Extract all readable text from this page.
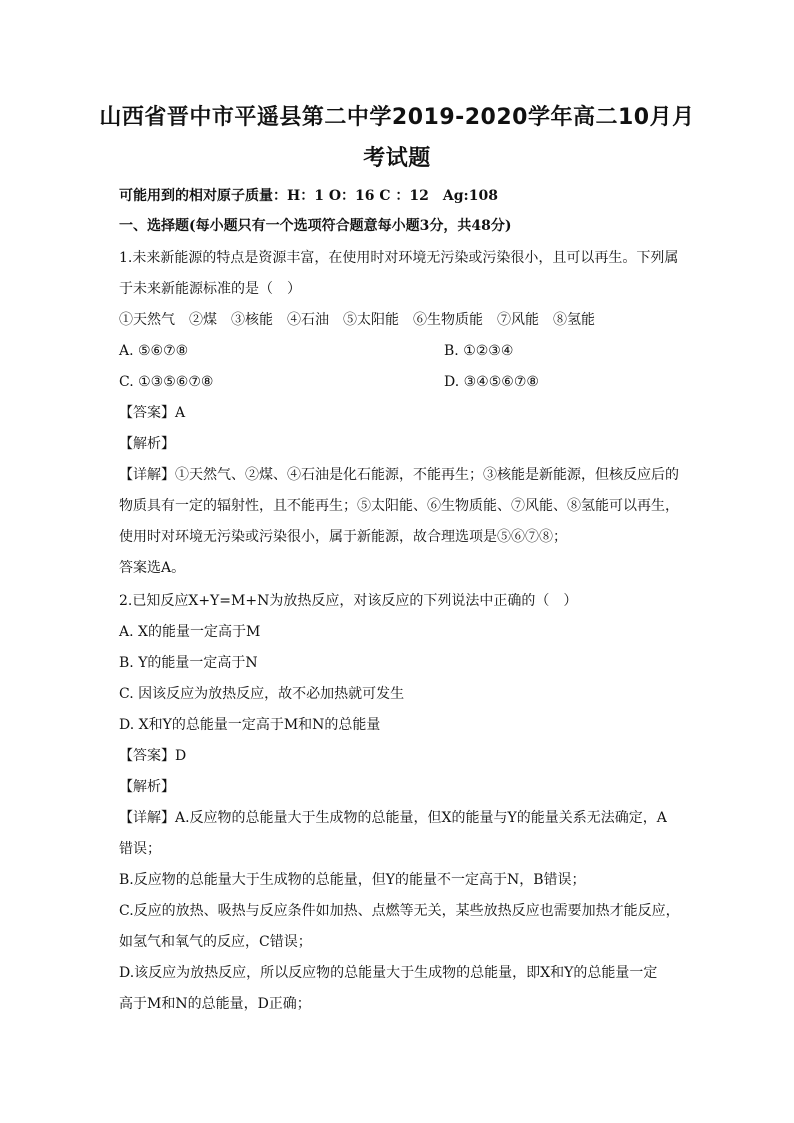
山西省晋中市平遥县第二中学2019-2020学年高二10月月
考试题
可能用到的相对原子质量：H：1 O：16 C ：12　Ag:108
一、选择题(每小题只有一个选项符合题意每小题3分，共48分)
1.未来新能源的特点是资源丰富，在使用时对环境无污染或污染很小，且可以再生。下列属
于未来新能源标准的是（　）
①天然气　②煤　③核能　④石油　⑤太阳能　⑥生物质能　⑦风能　⑧氢能
A. ⑤⑥⑦⑧	B. ①②③④
C. ①③⑤⑥⑦⑧	D. ③④⑤⑥⑦⑧
【答案】A
【解析】
【详解】①天然气、②煤、④石油是化石能源，不能再生；③核能是新能源，但核反应后的
物质具有一定的辐射性，且不能再生；⑤太阳能、⑥生物质能、⑦风能、⑧氢能可以再生，
使用时对环境无污染或污染很小，属于新能源，故合理选项是⑤⑥⑦⑧；
答案选A。
2.已知反应X+Y=M+N为放热反应，对该反应的下列说法中正确的（　）
A. X的能量一定高于M
B. Y的能量一定高于N
C. 因该反应为放热反应，故不必加热就可发生
D. X和Y的总能量一定高于M和N的总能量
【答案】D
【解析】
【详解】A.反应物的总能量大于生成物的总能量，但X的能量与Y的能量关系无法确定，A
错误；
B.反应物的总能量大于生成物的总能量，但Y的能量不一定高于N，B错误；
C.反应的放热、吸热与反应条件如加热、点燃等无关，某些放热反应也需要加热才能反应，
如氢气和氧气的反应，C错误；
D.该反应为放热反应，所以反应物的总能量大于生成物的总能量，即X和Y的总能量一定
高于M和N的总能量，D正确；
